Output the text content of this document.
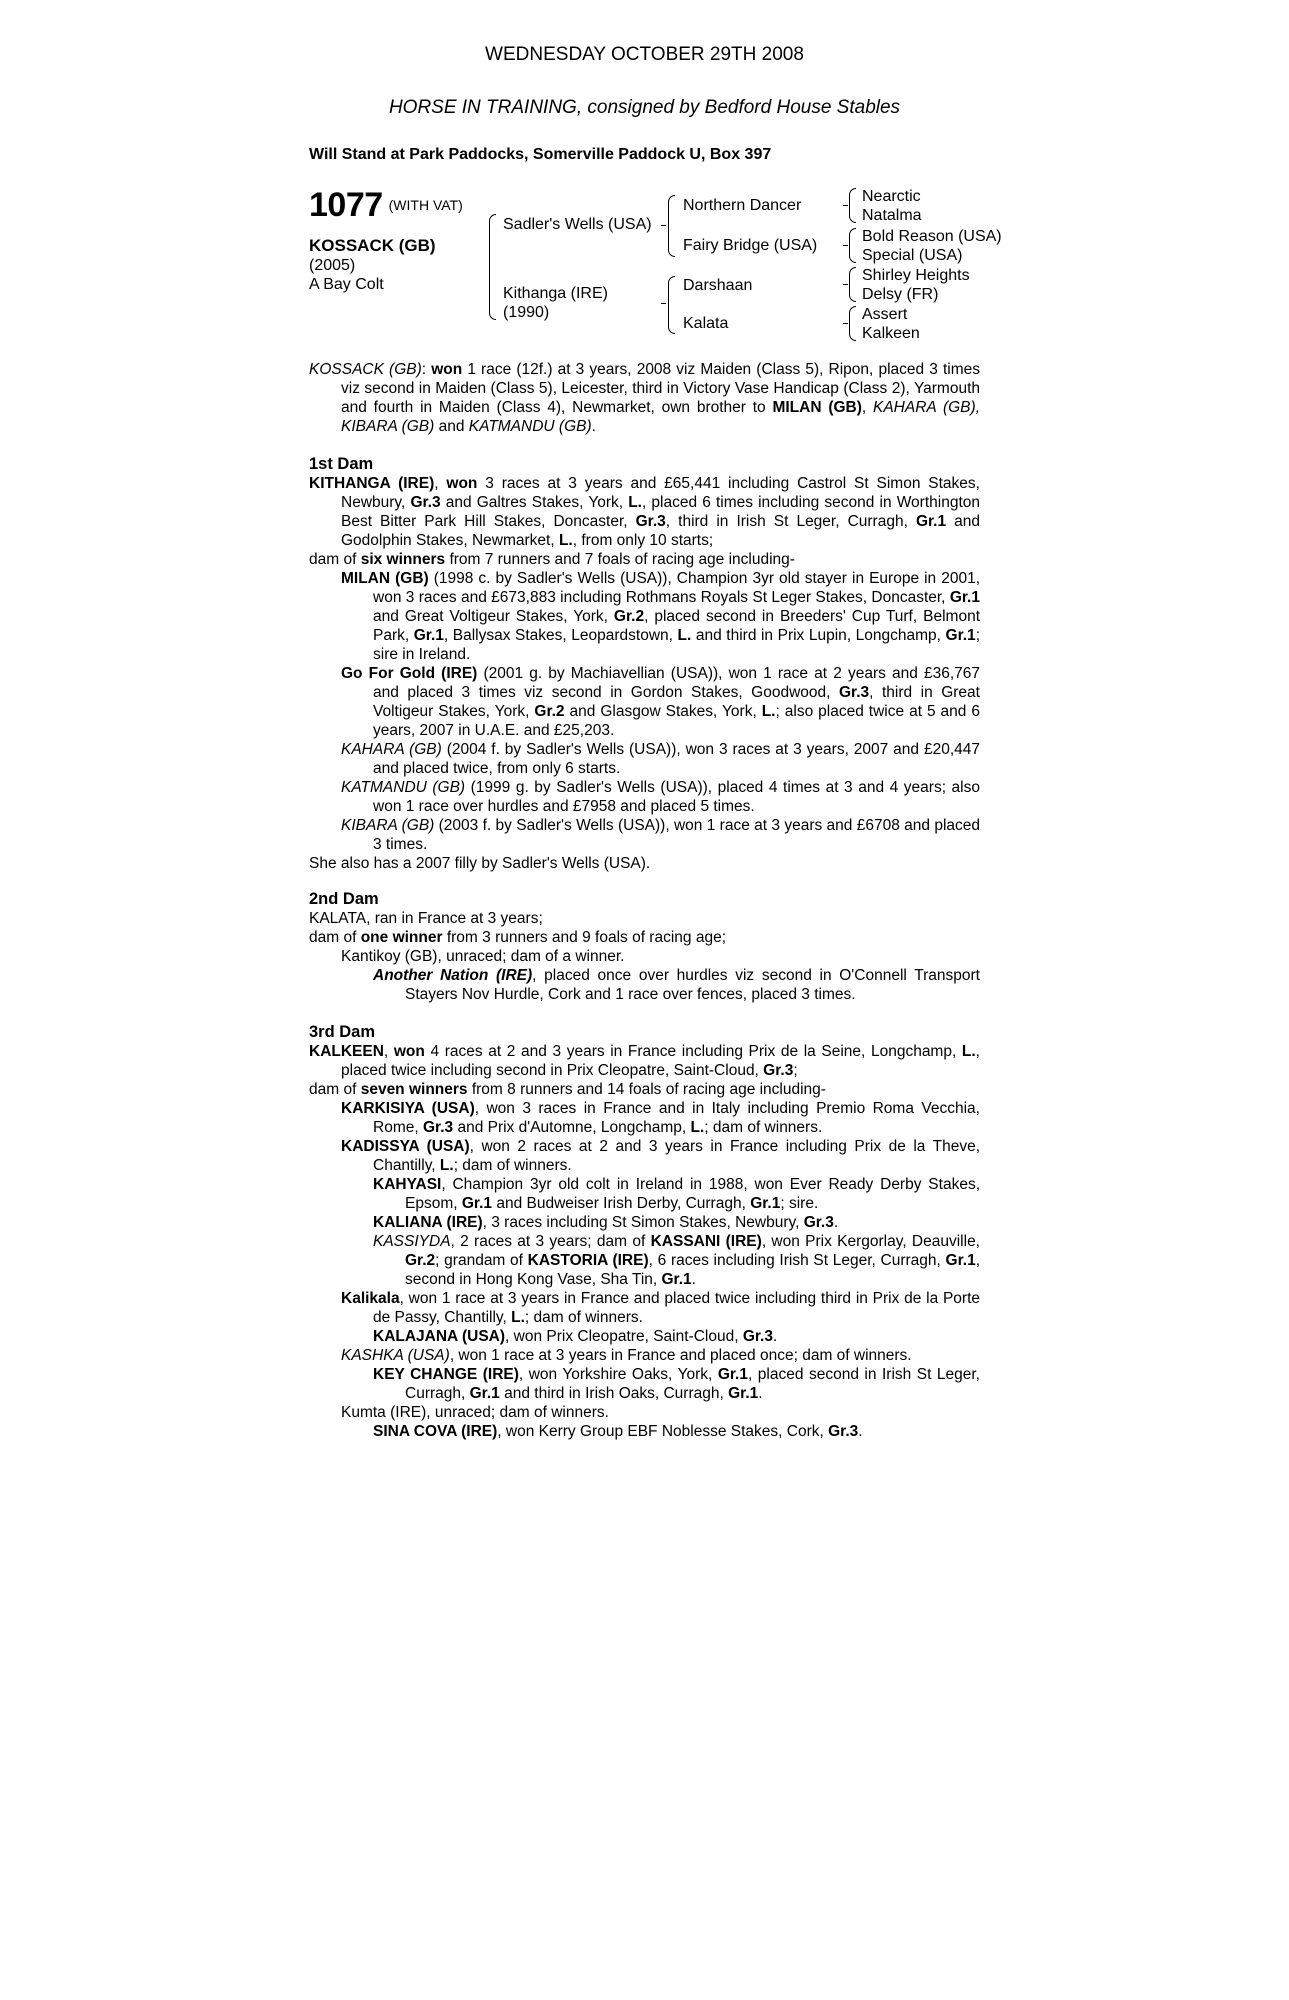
WEDNESDAY OCTOBER 29TH 2008
HORSE IN TRAINING, consigned by Bedford House Stables
Will Stand at Park Paddocks, Somerville Paddock U, Box 397
1077 (WITH VAT)
KOSSACK (GB)
(2005)
A Bay Colt
Sadler's Wells (USA)
Kithanga (IRE)
(1990)
Northern Dancer
Fairy Bridge (USA)
Darshaan
Kalata
Nearctic
Natalma
Bold Reason (USA)
Special (USA)
Shirley Heights
Delsy (FR)
Assert
Kalkeen

KOSSACK (GB): won 1 race (12f.) at 3 years, 2008 viz Maiden (Class 5), Ripon, placed 3 times viz second in Maiden (Class 5), Leicester, third in Victory Vase Handicap (Class 2), Yarmouth and fourth in Maiden (Class 4), Newmarket, own brother to MILAN (GB), KAHARA (GB), KIBARA (GB) and KATMANDU (GB).

1st Dam

KITHANGA (IRE), won 3 races at 3 years and £65,441 including Castrol St Simon Stakes, Newbury, Gr.3 and Galtres Stakes, York, L., placed 6 times including second in Worthington Best Bitter Park Hill Stakes, Doncaster, Gr.3, third in Irish St Leger, Curragh, Gr.1 and Godolphin Stakes, Newmarket, L., from only 10 starts;

dam of six winners from 7 runners and 7 foals of racing age including-

MILAN (GB) (1998 c. by Sadler's Wells (USA)), Champion 3yr old stayer in Europe in 2001, won 3 races and £673,883 including Rothmans Royals St Leger Stakes, Doncaster, Gr.1 and Great Voltigeur Stakes, York, Gr.2, placed second in Breeders' Cup Turf, Belmont Park, Gr.1, Ballysax Stakes, Leopardstown, L. and third in Prix Lupin, Longchamp, Gr.1; sire in Ireland.

Go For Gold (IRE) (2001 g. by Machiavellian (USA)), won 1 race at 2 years and £36,767 and placed 3 times viz second in Gordon Stakes, Goodwood, Gr.3, third in Great Voltigeur Stakes, York, Gr.2 and Glasgow Stakes, York, L.; also placed twice at 5 and 6 years, 2007 in U.A.E. and £25,203.

KAHARA (GB) (2004 f. by Sadler's Wells (USA)), won 3 races at 3 years, 2007 and £20,447 and placed twice, from only 6 starts.

KATMANDU (GB) (1999 g. by Sadler's Wells (USA)), placed 4 times at 3 and 4 years; also won 1 race over hurdles and £7958 and placed 5 times.

KIBARA (GB) (2003 f. by Sadler's Wells (USA)), won 1 race at 3 years and £6708 and placed 3 times.

She also has a 2007 filly by Sadler's Wells (USA).

2nd Dam

KALATA, ran in France at 3 years;

dam of one winner from 3 runners and 9 foals of racing age;

Kantikoy (GB), unraced; dam of a winner.

Another Nation (IRE), placed once over hurdles viz second in O'Connell Transport Stayers Nov Hurdle, Cork and 1 race over fences, placed 3 times.

3rd Dam

KALKEEN, won 4 races at 2 and 3 years in France including Prix de la Seine, Longchamp, L., placed twice including second in Prix Cleopatre, Saint-Cloud, Gr.3;

dam of seven winners from 8 runners and 14 foals of racing age including-

KARKISIYA (USA), won 3 races in France and in Italy including Premio Roma Vecchia, Rome, Gr.3 and Prix d'Automne, Longchamp, L.; dam of winners.

KADISSYA (USA), won 2 races at 2 and 3 years in France including Prix de la Theve, Chantilly, L.; dam of winners.

KAHYASI, Champion 3yr old colt in Ireland in 1988, won Ever Ready Derby Stakes, Epsom, Gr.1 and Budweiser Irish Derby, Curragh, Gr.1; sire.

KALIANA (IRE), 3 races including St Simon Stakes, Newbury, Gr.3.

KASSIYDA, 2 races at 3 years; dam of KASSANI (IRE), won Prix Kergorlay, Deauville, Gr.2; grandam of KASTORIA (IRE), 6 races including Irish St Leger, Curragh, Gr.1, second in Hong Kong Vase, Sha Tin, Gr.1.

Kalikala, won 1 race at 3 years in France and placed twice including third in Prix de la Porte de Passy, Chantilly, L.; dam of winners.

KALAJANA (USA), won Prix Cleopatre, Saint-Cloud, Gr.3.

KASHKA (USA), won 1 race at 3 years in France and placed once; dam of winners.

KEY CHANGE (IRE), won Yorkshire Oaks, York, Gr.1, placed second in Irish St Leger, Curragh, Gr.1 and third in Irish Oaks, Curragh, Gr.1.

Kumta (IRE), unraced; dam of winners.

SINA COVA (IRE), won Kerry Group EBF Noblesse Stakes, Cork, Gr.3.
